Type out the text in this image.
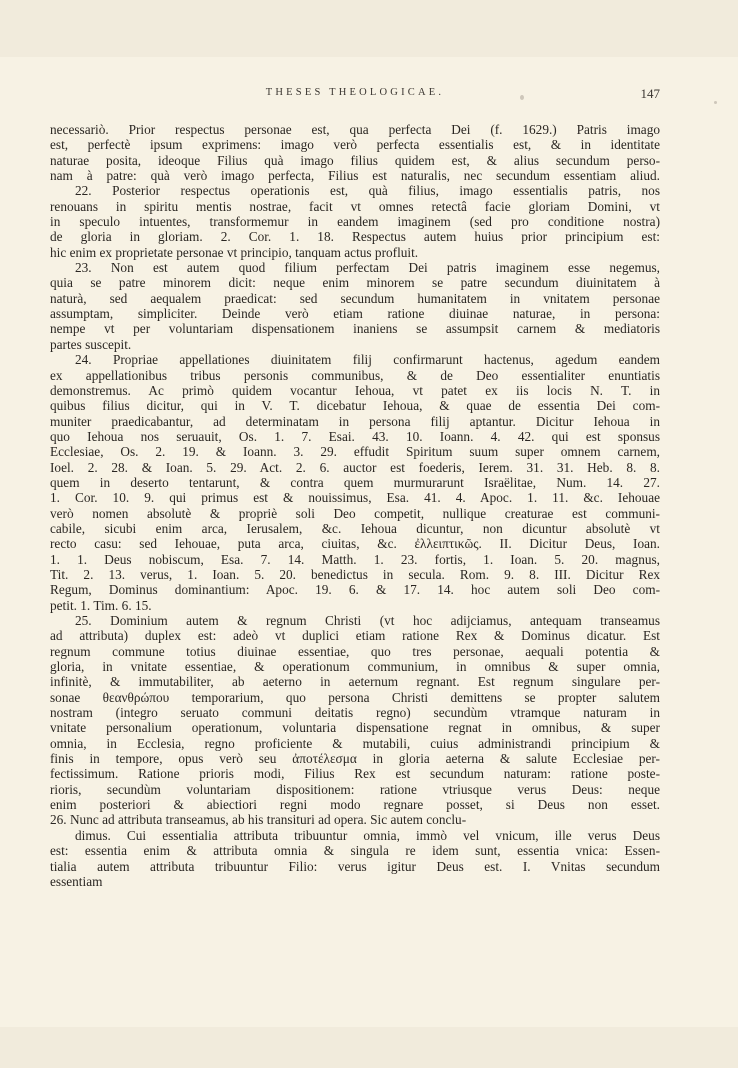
THESES THEOLOGICAE.	147
necessariò. Prior respectus personae est, qua perfecta Dei (f. 1629.) Patris imago
est, perfectè ipsum exprimens: imago verò perfecta essentialis est, & in identitate
naturae posita, ideoque Filius quà imago filius quidem est, & alius secundum perso-
nam à patre: quà verò imago perfecta, Filius est naturalis, nec secundum essentiam aliud.
22. Posterior respectus operationis est, quà filius, imago essentialis patris, nos
renouans in spiritu mentis nostrae, facit vt omnes retectâ facie gloriam Domini, vt
in speculo intuentes, transformemur in eandem imaginem (sed pro conditione nostra)
de gloria in gloriam. 2. Cor. 1. 18. Respectus autem huius prior principium est:
hic enim ex proprietate personae vt principio, tanquam actus profluit.
23. Non est autem quod filium perfectam Dei patris imaginem esse negemus,
quia se patre minorem dicit: neque enim minorem se patre secundum diuinitatem à
naturà, sed aequalem praedicat: sed secundum humanitatem in vnitatem personae
assumptam, simpliciter. Deinde verò etiam ratione diuinae naturae, in persona:
nempe vt per voluntariam dispensationem inaniens se assumpsit carnem & mediatoris
partes suscepit.
24. Propriae appellationes diuinitatem filij confirmarunt hactenus, agedum eandem
ex appellationibus tribus personis communibus, & de Deo essentialiter enuntiatis
demonstremus. Ac primò quidem vocantur Iehoua, vt patet ex iis locis N. T. in
quibus filius dicitur, qui in V. T. dicebatur Iehoua, & quae de essentia Dei com-
muniter praedicabantur, ad determinatam in persona filij aptantur. Dicitur Iehoua in
quo Iehoua nos seruauit, Os. 1. 7. Esai. 43. 10. Ioann. 4. 42. qui est sponsus
Ecclesiae, Os. 2. 19. & Ioann. 3. 29. effudit Spiritum suum super omnem carnem,
Ioel. 2. 28. & Ioan. 5. 29. Act. 2. 6. auctor est foederis, Ierem. 31. 31. Heb. 8. 8.
quem in deserto tentarunt, & contra quem murmurarunt Israëlitae, Num. 14. 27.
1. Cor. 10. 9. qui primus est & nouissimus, Esa. 41. 4. Apoc. 1. 11. &c. Iehouae
verò nomen absolutè & propriè soli Deo competit, nullique creaturae est communi-
cabile, sicubi enim arca, Ierusalem, &c. Iehoua dicuntur, non dicuntur absolutè vt
recto casu: sed Iehouae, puta arca, ciuitas, &c. ἐλλειπτικῶς. II. Dicitur Deus, Ioan.
1. 1. Deus nobiscum, Esa. 7. 14. Matth. 1. 23. fortis, 1. Ioan. 5. 20. magnus,
Tit. 2. 13. verus, 1. Ioan. 5. 20. benedictus in secula. Rom. 9. 8. III. Dicitur Rex
Regum, Dominus dominantium: Apoc. 19. 6. & 17. 14. hoc autem soli Deo com-
petit. 1. Tim. 6. 15.
25. Dominium autem & regnum Christi (vt hoc adijciamus, antequam transeamus
ad attributa) duplex est: adeò vt duplici etiam ratione Rex & Dominus dicatur. Est
regnum commune totius diuinae essentiae, quo tres personae, aequali potentia &
gloria, in vnitate essentiae, & operationum communium, in omnibus & super omnia,
infinitè, & immutabiliter, ab aeterno in aeternum regnant. Est regnum singulare per-
sonae θεανθρώπου temporarium, quo persona Christi demittens se propter salutem
nostram (integro seruato communi deitatis regno) secundùm vtramque naturam in
vnitate personalium operationum, voluntaria dispensatione regnat in omnibus, & super
omnia, in Ecclesia, regno proficiente & mutabili, cuius administrandi principium &
finis in tempore, opus verò seu ἀποτέλεσμα in gloria aeterna & salute Ecclesiae per-
fectissimum. Ratione prioris modi, Filius Rex est secundum naturam: ratione poste-
rioris, secundùm voluntariam dispositionem: ratione vtriusque verus Deus: neque
enim posteriori & abiectiori regni modo regnare posset, si Deus non esset.
26. Nunc ad attributa transeamus, ab his transituri ad opera. Sic autem conclu-
dimus. Cui essentialia attributa tribuuntur omnia, immò vel vnicum, ille verus Deus
est: essentia enim & attributa omnia & singula re idem sunt, essentia vnica: Essen-
tialia autem attributa tribuuntur Filio: verus igitur Deus est. I. Vnitas secundum
essentiam
